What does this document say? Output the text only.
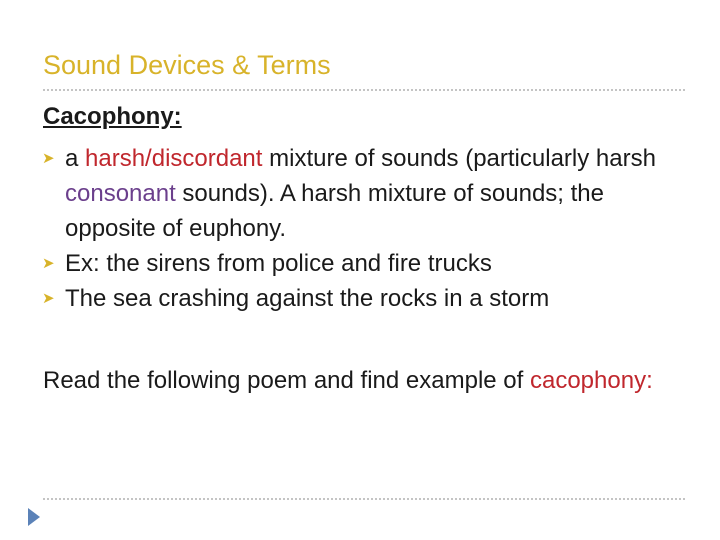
Sound Devices & Terms
Cacophony:
➤ a harsh/discordant mixture of sounds (particularly harsh consonant sounds). A harsh mixture of sounds; the opposite of euphony.
➤ Ex: the sirens from police and fire trucks
➤ The sea crashing against the rocks in a storm
Read the following poem and find example of cacophony:
